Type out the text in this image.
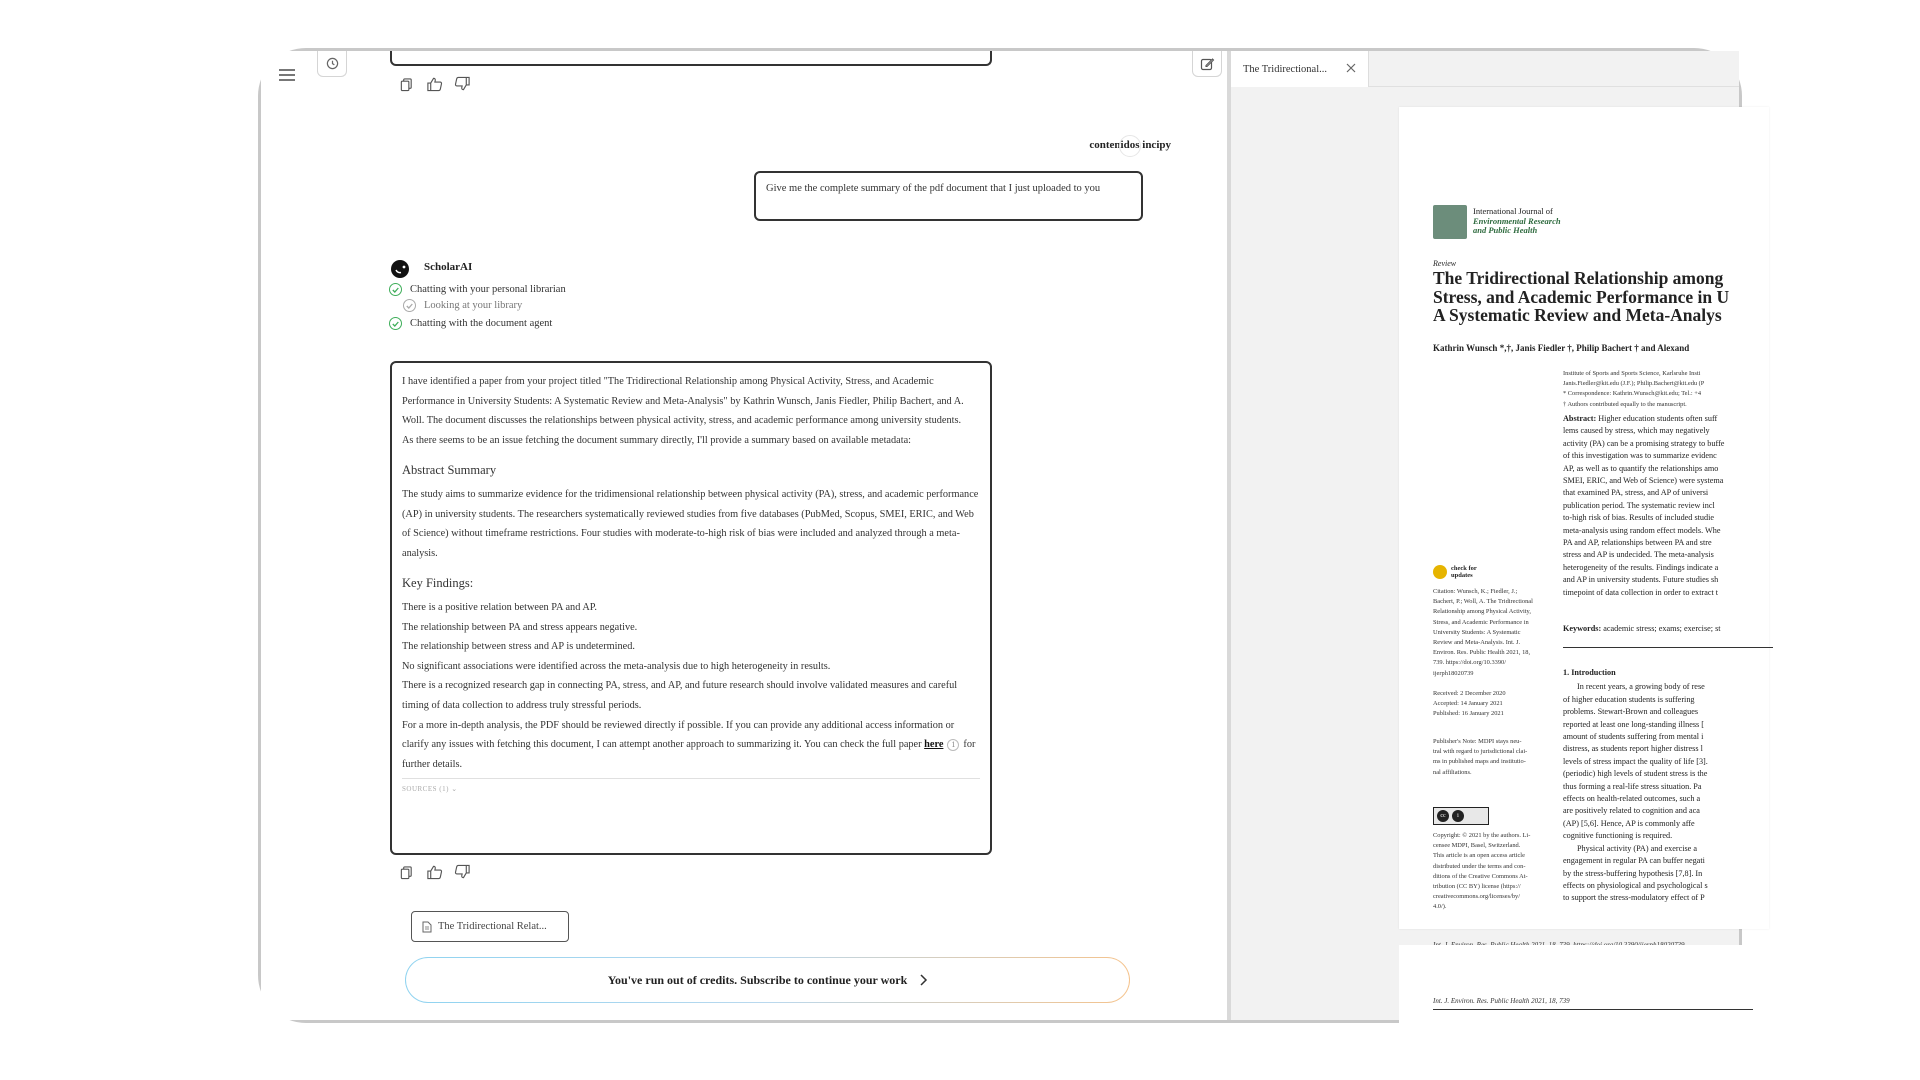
contenidos incipy
Give me the complete summary of the pdf document that I just uploaded to you
ScholarAI
Chatting with your personal librarian
Looking at your library
Chatting with the document agent

I have identified a paper from your project titled "The Tridirectional Relationship among Physical Activity, Stress, and Academic Performance in University Students: A Systematic Review and Meta-Analysis" by Kathrin Wunsch, Janis Fiedler, Philip Bachert, and A. Woll. The document discusses the relationships between physical activity, stress, and academic performance among university students.

As there seems to be an issue fetching the document summary directly, I'll provide a summary based on available metadata:

Abstract Summary

The study aims to summarize evidence for the tridimensional relationship between physical activity (PA), stress, and academic performance (AP) in university students. The researchers systematically reviewed studies from five databases (PubMed, Scopus, SMEI, ERIC, and Web of Science) without timeframe restrictions. Four studies with moderate-to-high risk of bias were included and analyzed through a meta-analysis.

Key Findings:

There is a positive relation between PA and AP.

The relationship between PA and stress appears negative.

The relationship between stress and AP is undetermined.

No significant associations were identified across the meta-analysis due to high heterogeneity in results.

There is a recognized research gap in connecting PA, stress, and AP, and future research should involve validated measures and careful timing of data collection to address truly stressful periods.

For a more in-depth analysis, the PDF should be reviewed directly if possible. If you can provide any additional access information or clarify any issues with fetching this document, I can attempt another approach to summarizing it. You can check the full paper here 1 for further details.

SOURCES (1) ⌄
The Tridirectional Relat...
You've run out of credits. Subscribe to continue your work
The Tridirectional...
International Journal of
Environmental Research
and Public Health
Review
The Tridirectional Relationship among
Stress, and Academic Performance in U
A Systematic Review and Meta-Analys
Kathrin Wunsch *,†, Janis Fiedler †, Philip Bachert † and Alexand
Institute of Sports and Sports Science, Karlsruhe Insti
Janis.Fiedler@kit.edu (J.F.); Philip.Bachert@kit.edu (P
* Correspondence: Kathrin.Wunsch@kit.edu; Tel.: +4
† Authors contributed equally to the manuscript.
Abstract: Higher education students often suff
lems caused by stress, which may negatively
activity (PA) can be a promising strategy to buffe
of this investigation was to summarize evidenc
AP, as well as to quantify the relationships amo
SMEI, ERIC, and Web of Science) were systema
that examined PA, stress, and AP of universi
publication period. The systematic review incl
to-high risk of bias. Results of included studie
meta-analysis using random effect models. Whe
PA and AP, relationships between PA and stre
stress and AP is undecided. The meta-analysis
heterogeneity of the results. Findings indicate a
and AP in university students. Future studies sh
timepoint of data collection in order to extract t
Keywords: academic stress; exams; exercise; st
check for
updates
Citation: Wunsch, K.; Fiedler, J.;
Bachert, P.; Woll, A. The Tridirectional
Relationship among Physical Activity,
Stress, and Academic Performance in
University Students: A Systematic
Review and Meta-Analysis. Int. J.
Environ. Res. Public Health 2021, 18,
739. https://doi.org/10.3390/
ijerph18020739
Received: 2 December 2020
Accepted: 14 January 2021
Published: 16 January 2021
Publisher's Note: MDPI stays neu-
tral with regard to jurisdictional clai-
ms in published maps and institutio-
nal affiliations.
cc	i
Copyright: © 2021 by the authors. Li-
censee MDPI, Basel, Switzerland.
This article is an open access article
distributed under the terms and con-
ditions of the Creative Commons At-
tribution (CC BY) license (https://
creativecommons.org/licenses/by/
4.0/).
1. Introduction
In recent years, a growing body of rese
of higher education students is suffering
problems. Stewart-Brown and colleagues
reported at least one long-standing illness [
amount of students suffering from mental i
distress, as students report higher distress l
levels of stress impact the quality of life [3].
(periodic) high levels of student stress is the
thus forming a real-life stress situation. Pa
effects on health-related outcomes, such a
are positively related to cognition and aca
(AP) [5,6]. Hence, AP is commonly affe
cognitive functioning is required.
Physical activity (PA) and exercise a
engagement in regular PA can buffer negati
by the stress-buffering hypothesis [7,8]. In
effects on physiological and psychological s
to support the stress-modulatory effect of P
Int. J. Environ. Res. Public Health 2021, 18, 739
